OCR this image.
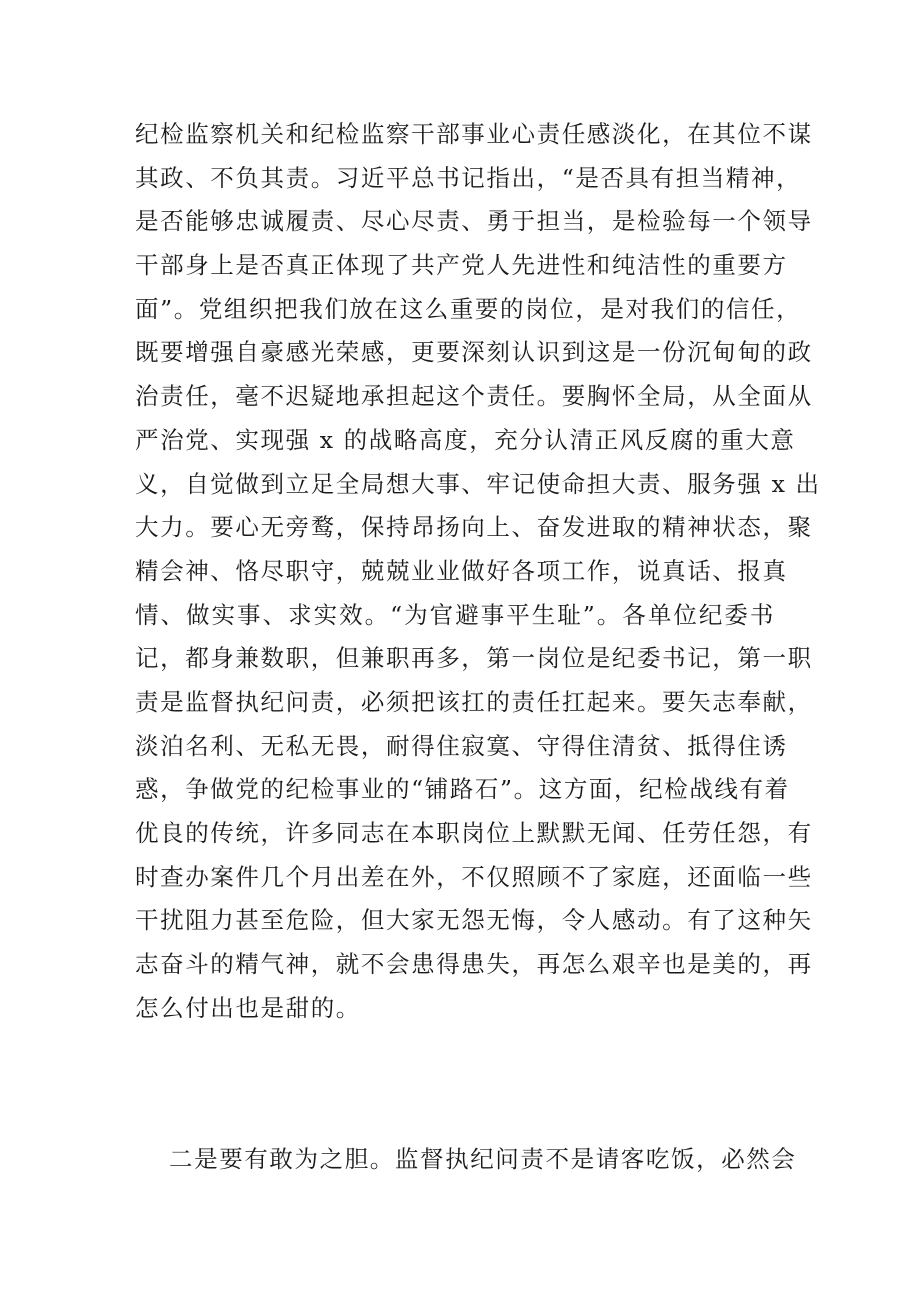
纪检监察机关和纪检监察干部事业心责任感淡化，在其位不谋
其政、不负其责。习近平总书记指出，“是否具有担当精神，
是否能够忠诚履责、尽心尽责、勇于担当，是检验每一个领导
干部身上是否真正体现了共产党人先进性和纯洁性的重要方
面”。党组织把我们放在这么重要的岗位，是对我们的信任，
既要增强自豪感光荣感，更要深刻认识到这是一份沉甸甸的政
治责任，毫不迟疑地承担起这个责任。要胸怀全局，从全面从
严治党、实现强 x 的战略高度，充分认清正风反腐的重大意
义，自觉做到立足全局想大事、牢记使命担大责、服务强 x 出
大力。要心无旁鹜，保持昂扬向上、奋发进取的精神状态，聚
精会神、恪尽职守，兢兢业业做好各项工作，说真话、报真
情、做实事、求实效。“为官避事平生耻”。各单位纪委书
记，都身兼数职，但兼职再多，第一岗位是纪委书记，第一职
责是监督执纪问责，必须把该扛的责任扛起来。要矢志奉献，
淡泊名利、无私无畏，耐得住寂寞、守得住清贫、抵得住诱
惑，争做党的纪检事业的“铺路石”。这方面，纪检战线有着
优良的传统，许多同志在本职岗位上默默无闻、任劳任怨，有
时查办案件几个月出差在外，不仅照顾不了家庭，还面临一些
干扰阻力甚至危险，但大家无怨无悔，令人感动。有了这种矢
志奋斗的精气神，就不会患得患失，再怎么艰辛也是美的，再
怎么付出也是甜的。
二是要有敢为之胆。监督执纪问责不是请客吃饭，必然会
